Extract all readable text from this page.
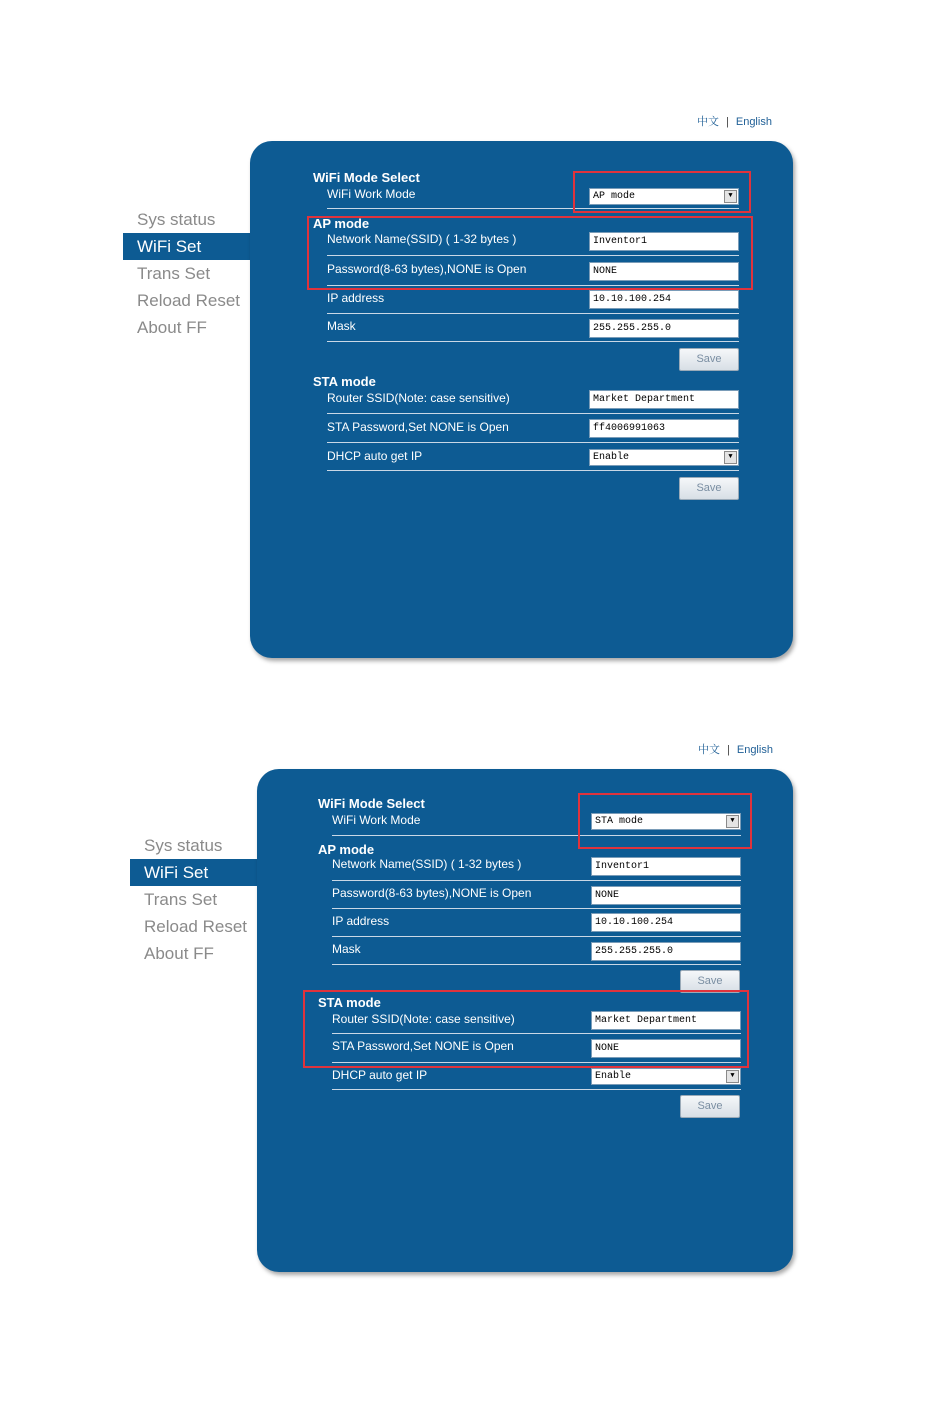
中文 | English
Sys status
WiFi Set
Trans Set
Reload Reset
About FF
WiFi Mode Select
WiFi Work Mode	AP mode	▼
AP mode
Network Name(SSID) ( 1-32 bytes )	Inventor1
Password(8-63 bytes),NONE is Open	NONE
IP address	10.10.100.254
Mask	255.255.255.0
Save
STA mode
Router SSID(Note: case sensitive)	Market Department
STA Password,Set NONE is Open	ff4006991063
DHCP auto get IP	Enable	▼
Save
中文 | English
Sys status
WiFi Set
Trans Set
Reload Reset
About FF
WiFi Mode Select
WiFi Work Mode	STA mode	▼
AP mode
Network Name(SSID) ( 1-32 bytes )	Inventor1
Password(8-63 bytes),NONE is Open	NONE
IP address	10.10.100.254
Mask	255.255.255.0
Save
STA mode
Router SSID(Note: case sensitive)	Market Department
STA Password,Set NONE is Open	NONE
DHCP auto get IP	Enable	▼
Save
